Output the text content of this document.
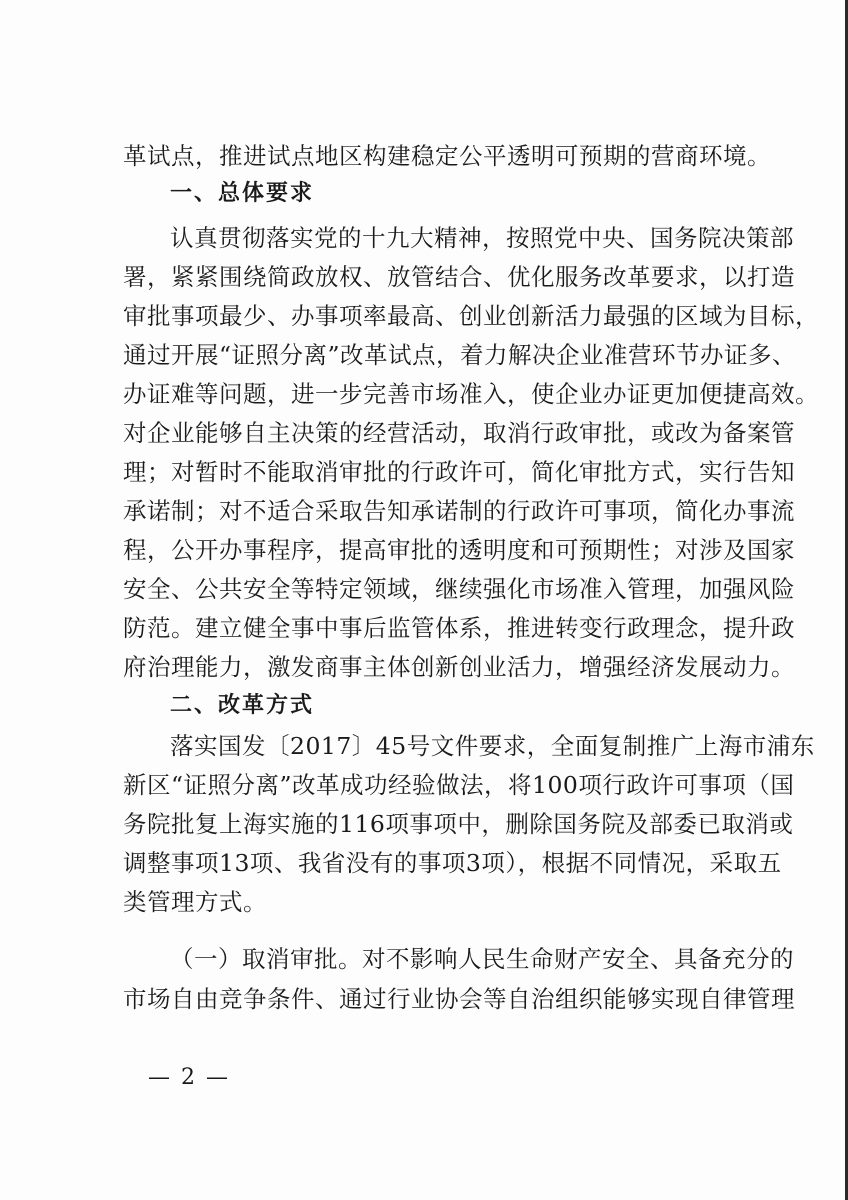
革试点，推进试点地区构建稳定公平透明可预期的营商环境。
一、总体要求
认真贯彻落实党的十九大精神，按照党中央、国务院决策部
署，紧紧围绕简政放权、放管结合、优化服务改革要求，以打造
审批事项最少、办事项率最高、创业创新活力最强的区域为目标，
通过开展“证照分离”改革试点，着力解决企业准营环节办证多、
办证难等问题，进一步完善市场准入，使企业办证更加便捷高效。
对企业能够自主决策的经营活动，取消行政审批，或改为备案管
理；对暂时不能取消审批的行政许可，简化审批方式，实行告知
承诺制；对不适合采取告知承诺制的行政许可事项，简化办事流
程，公开办事程序，提高审批的透明度和可预期性；对涉及国家
安全、公共安全等特定领域，继续强化市场准入管理，加强风险
防范。建立健全事中事后监管体系，推进转变行政理念，提升政
府治理能力，激发商事主体创新创业活力，增强经济发展动力。
二、改革方式
落实国发〔2017〕45号文件要求，全面复制推广上海市浦东
新区“证照分离”改革成功经验做法，将100项行政许可事项（国
务院批复上海实施的116项事项中，删除国务院及部委已取消或
调整事项13项、我省没有的事项3项），根据不同情况，采取五
类管理方式。
（一）取消审批。对不影响人民生命财产安全、具备充分的
市场自由竞争条件、通过行业协会等自治组织能够实现自律管理
— 2 —
